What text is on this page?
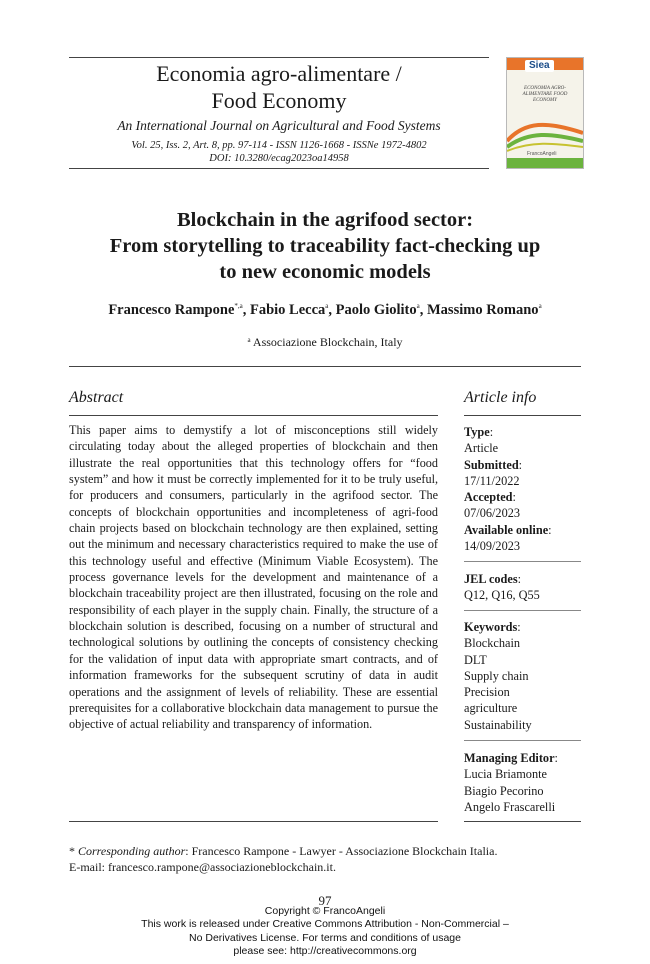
Economia agro-alimentare /
Food Economy
An International Journal on Agricultural and Food Systems
Vol. 25, Iss. 2, Art. 8, pp. 97-114 - ISSN 1126-1668 - ISSNe 1972-4802
DOI: 10.3280/ecag2023oa14958
Siea
ECONOMIA AGRO-ALIMENTARE FOOD ECONOMY
FrancoAngeli
Blockchain in the agrifood sector:
From storytelling to traceability fact-checking up
to new economic models
Francesco Rampone$^{*,a}$, Fabio Lecca$^a$, Paolo Giolito$^a$, Massimo Romano$^a$
$^a$ Associazione Blockchain, Italy
Abstract
This paper aims to demystify a lot of misconceptions still widely circulating today about the alleged properties of blockchain and then illustrate the real opportunities that this technology offers for “food system” and how it must be correctly implemented for it to be truly useful, for producers and consumers, particularly in the agrifood sector. The concepts of blockchain opportunities and incompleteness of agri-food chain projects based on blockchain technology are then explained, setting out the minimum and necessary characteristics required to make the use of this technology useful and effective (Minimum Viable Ecosystem). The process governance levels for the development and maintenance of a blockchain traceability project are then illustrated, focusing on the role and responsibility of each player in the supply chain. Finally, the structure of a blockchain solution is described, focusing on a number of structural and technological solutions by outlining the concepts of consistency checking for the validation of input data with appropriate smart contracts, and of information frameworks for the subsequent scrutiny of data in audit operations and the assignment of levels of reliability. These are essential prerequisites for a collaborative blockchain data management to pursue the objective of actual reliability and transparency of information.
Article info
Type:
Article
Submitted:
17/11/2022
Accepted:
07/06/2023
Available online:
14/09/2023
JEL codes:
Q12, Q16, Q55
Keywords:
Blockchain
DLT
Supply chain
Precision
agriculture
Sustainability
Managing Editor:
Lucia Briamonte
Biagio Pecorino
Angelo Frascarelli
* Corresponding author: Francesco Rampone - Lawyer - Associazione Blockchain Italia.
E-mail: francesco.rampone@associazioneblockchain.it.
97
Copyright © FrancoAngeli
This work is released under Creative Commons Attribution - Non-Commercial –
No Derivatives License. For terms and conditions of usage
please see: http://creativecommons.org
